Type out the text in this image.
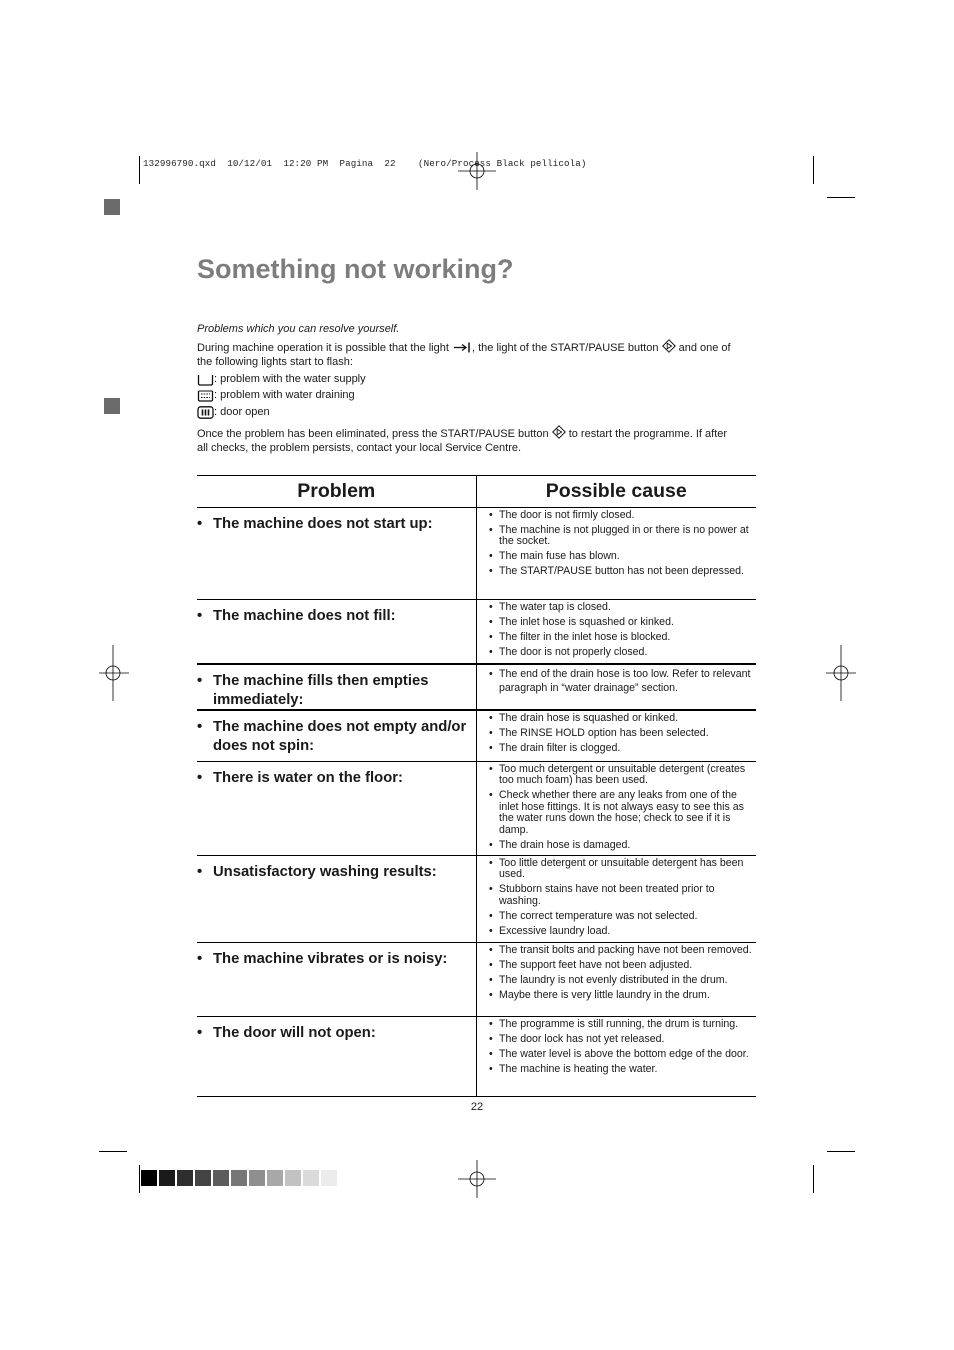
132996790.qxd  10/12/01  12:20 PM  Pagina  22    (Nero/Process Black pellicola)
Something not working?

Problems which you can resolve yourself.

During machine operation it is possible that the light , the light of the START/PAUSE button and one of
the following lights start to flash:

: problem with the water supply
: problem with water draining
: door open

Once the problem has been eliminated, press the START/PAUSE button to restart the programme. If after
all checks, the problem persists, contact your local Service Centre.

Problem	Possible cause
• The machine does not start up:
• The door is not firmly closed.
• The machine is not plugged in or there is no power at the socket.
• The main fuse has blown.
• The START/PAUSE button has not been depressed.
• The machine does not fill:
• The water tap is closed.
• The inlet hose is squashed or kinked.
• The filter in the inlet hose is blocked.
• The door is not properly closed.
• The machine fills then empties immediately:
• The end of the drain hose is too low. Refer to relevant paragraph in “water drainage” section.
• The machine does not empty and/or does not spin:
• The drain hose is squashed or kinked.
• The RINSE HOLD option has been selected.
• The drain filter is clogged.
• There is water on the floor:
• Too much detergent or unsuitable detergent (creates too much foam) has been used.
• Check whether there are any leaks from one of the inlet hose fittings. It is not always easy to see this as the water runs down the hose; check to see if it is damp.
• The drain hose is damaged.
• Unsatisfactory washing results:
• Too little detergent or unsuitable detergent has been used.
• Stubborn stains have not been treated prior to washing.
• The correct temperature was not selected.
• Excessive laundry load.
• The machine vibrates or is noisy:
• The transit bolts and packing have not been removed.
• The support feet have not been adjusted.
• The laundry is not evenly distributed in the drum.
• Maybe there is very little laundry in the drum.
• The door will not open:
• The programme is still running, the drum is turning.
• The door lock has not yet released.
• The water level is above the bottom edge of the door.
• The machine is heating the water.
22
